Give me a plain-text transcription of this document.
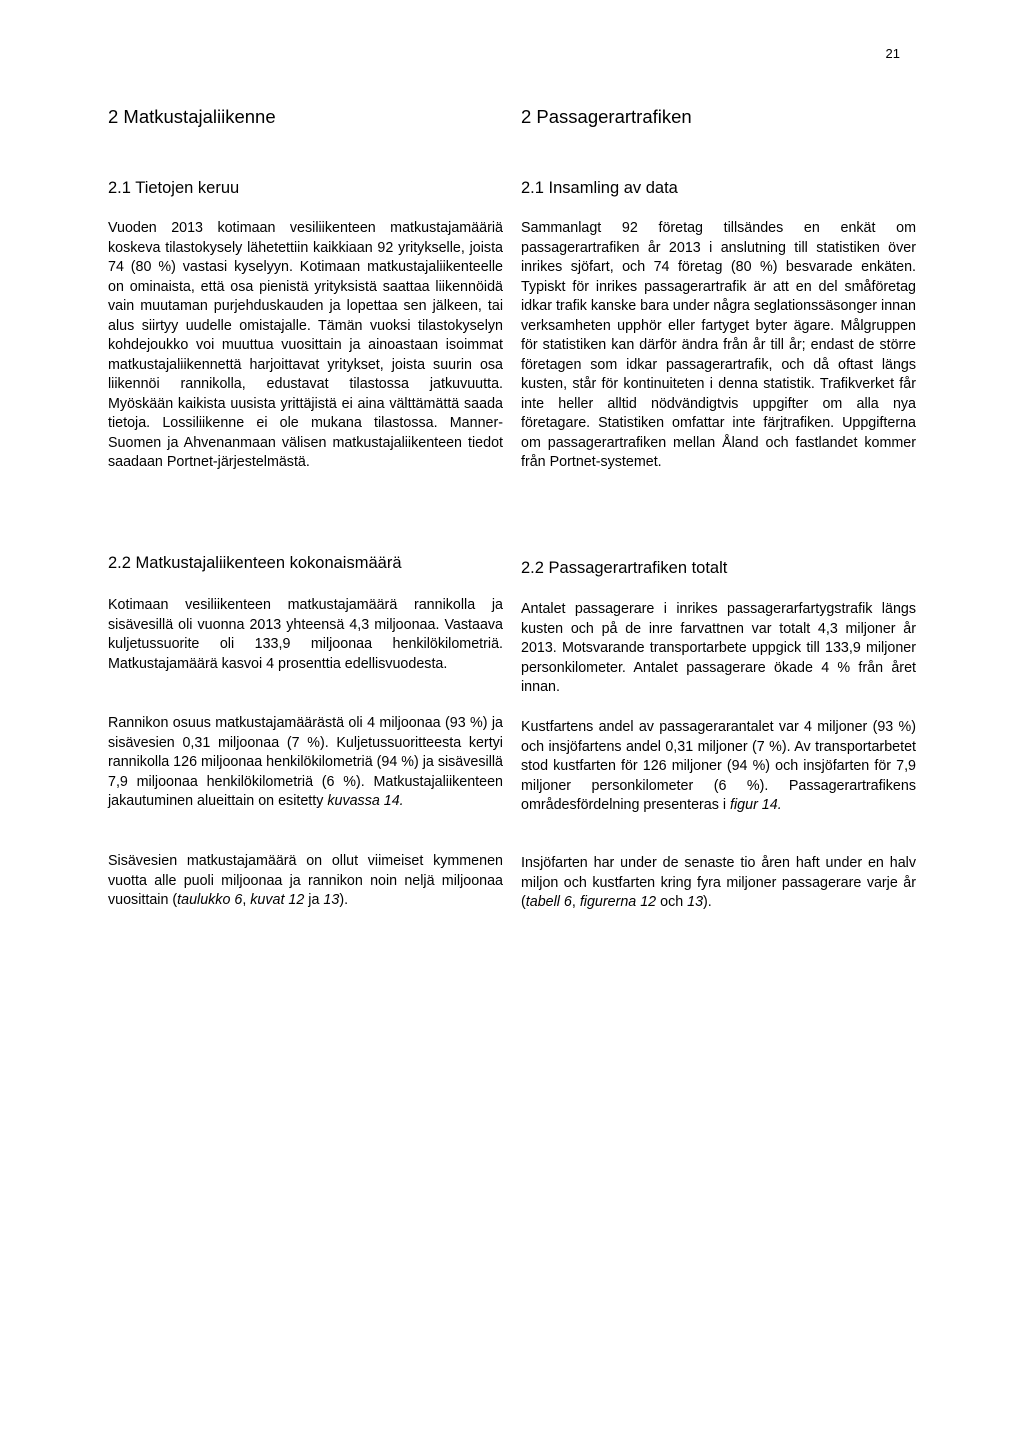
21
2 Matkustajaliikenne
2.1 Tietojen keruu

Vuoden 2013 kotimaan vesiliikenteen matkustajamääriä koskeva tilastokysely lähetettiin kaikkiaan 92 yritykselle, joista 74 (80 %) vastasi kyselyyn. Kotimaan matkustajaliikenteelle on ominaista, että osa pienistä yrityksistä saattaa liikennöidä vain muutaman purjehduskauden ja lopettaa sen jälkeen, tai alus siirtyy uudelle omistajalle. Tämän vuoksi tilastokyselyn kohdejoukko voi muuttua vuosittain ja ainoastaan isoimmat matkustajaliikennettä harjoittavat yritykset, joista suurin osa liikennöi rannikolla, edustavat tilastossa jatkuvuutta. Myöskään kaikista uusista yrittäjistä ei aina välttämättä saada tietoja. Lossiliikenne ei ole mukana tilastossa. Manner-Suomen ja Ahvenanmaan välisen matkustajaliikenteen tiedot saadaan Portnet-järjestelmästä.

2.2 Matkustajaliikenteen kokonaismäärä

Kotimaan vesiliikenteen matkustajamäärä rannikolla ja sisävesillä oli vuonna 2013 yhteensä 4,3 miljoonaa. Vastaava kuljetussuorite oli 133,9 miljoonaa henkilökilometriä. Matkustajamäärä kasvoi 4 prosenttia edellisvuodesta.

Rannikon osuus matkustajamäärästä oli 4 miljoonaa (93 %) ja sisävesien 0,31 miljoonaa (7 %). Kuljetussuoritteesta kertyi rannikolla 126 miljoonaa henkilökilometriä (94 %) ja sisävesillä 7,9 miljoonaa henkilökilometriä (6 %). Matkustajaliikenteen jakautuminen alueittain on esitetty kuvassa 14.

Sisävesien matkustajamäärä on ollut viimeiset kymmenen vuotta alle puoli miljoonaa ja rannikon noin neljä miljoonaa vuosittain (taulukko 6, kuvat 12 ja 13).

2 Passagerartrafiken
2.1 Insamling av data

Sammanlagt 92 företag tillsändes en enkät om passagerartrafiken år 2013 i anslutning till statistiken över inrikes sjöfart, och 74 företag (80 %) besvarade enkäten. Typiskt för inrikes passagerartrafik är att en del småföretag idkar trafik kanske bara under några seglationssäsonger innan verksamheten upphör eller fartyget byter ägare. Målgruppen för statistiken kan därför ändra från år till år; endast de större företagen som idkar passagerartrafik, och då oftast längs kusten, står för kontinuiteten i denna statistik. Trafikverket får inte heller alltid nödvändigtvis uppgifter om alla nya företagare. Statistiken omfattar inte färjtrafiken. Uppgifterna om passagerartrafiken mellan Åland och fastlandet kommer från Portnet-systemet.

2.2 Passagerartrafiken totalt

Antalet passagerare i inrikes passagerarfartygstrafik längs kusten och på de inre farvattnen var totalt 4,3 miljoner år 2013. Motsvarande transportarbete uppgick till 133,9 miljoner personkilometer. Antalet passagerare ökade 4 % från året innan.

Kustfartens andel av passagerarantalet var 4 miljoner (93 %) och insjöfartens andel 0,31 miljoner (7 %). Av transportarbetet stod kustfarten för 126 miljoner (94 %) och insjöfarten för 7,9 miljoner personkilometer (6 %). Passagerartrafikens områdesfördelning presenteras i figur 14.

Insjöfarten har under de senaste tio åren haft under en halv miljon och kustfarten kring fyra miljoner passagerare varje år (tabell 6, figurerna 12 och 13).
